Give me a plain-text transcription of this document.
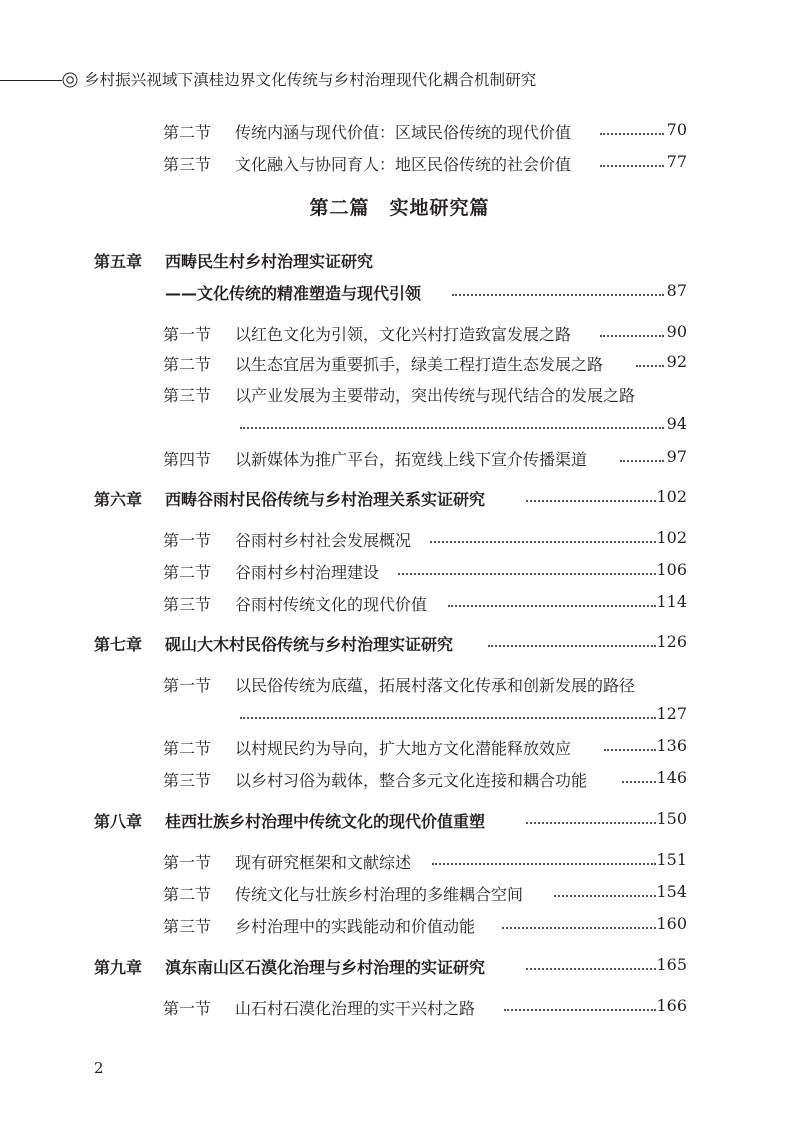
乡村振兴视域下滇桂边界文化传统与乡村治理现代化耦合机制研究
第二节 传统内涵与现代价值：区域民俗传统的现代价值	70
第三节 文化融入与协同育人：地区民俗传统的社会价值	77
第二篇　实地研究篇
第五章 西畴民生村乡村治理实证研究
——文化传统的精准塑造与现代引领	87
第一节 以红色文化为引领，文化兴村打造致富发展之路	90
第二节 以生态宜居为重要抓手，绿美工程打造生态发展之路	92
第三节 以产业发展为主要带动，突出传统与现代结合的发展之路
94
第四节 以新媒体为推广平台，拓宽线上线下宣介传播渠道	97
第六章 西畴谷雨村民俗传统与乡村治理关系实证研究	102
第一节 谷雨村乡村社会发展概况	102
第二节 谷雨村乡村治理建设	106
第三节 谷雨村传统文化的现代价值	114
第七章 砚山大木村民俗传统与乡村治理实证研究	126
第一节 以民俗传统为底蕴，拓展村落文化传承和创新发展的路径
127
第二节 以村规民约为导向，扩大地方文化潜能释放效应	136
第三节 以乡村习俗为载体，整合多元文化连接和耦合功能	146
第八章 桂西壮族乡村治理中传统文化的现代价值重塑	150
第一节 现有研究框架和文献综述	151
第二节 传统文化与壮族乡村治理的多维耦合空间	154
第三节 乡村治理中的实践能动和价值动能	160
第九章 滇东南山区石漠化治理与乡村治理的实证研究	165
第一节 山石村石漠化治理的实干兴村之路	166
2
